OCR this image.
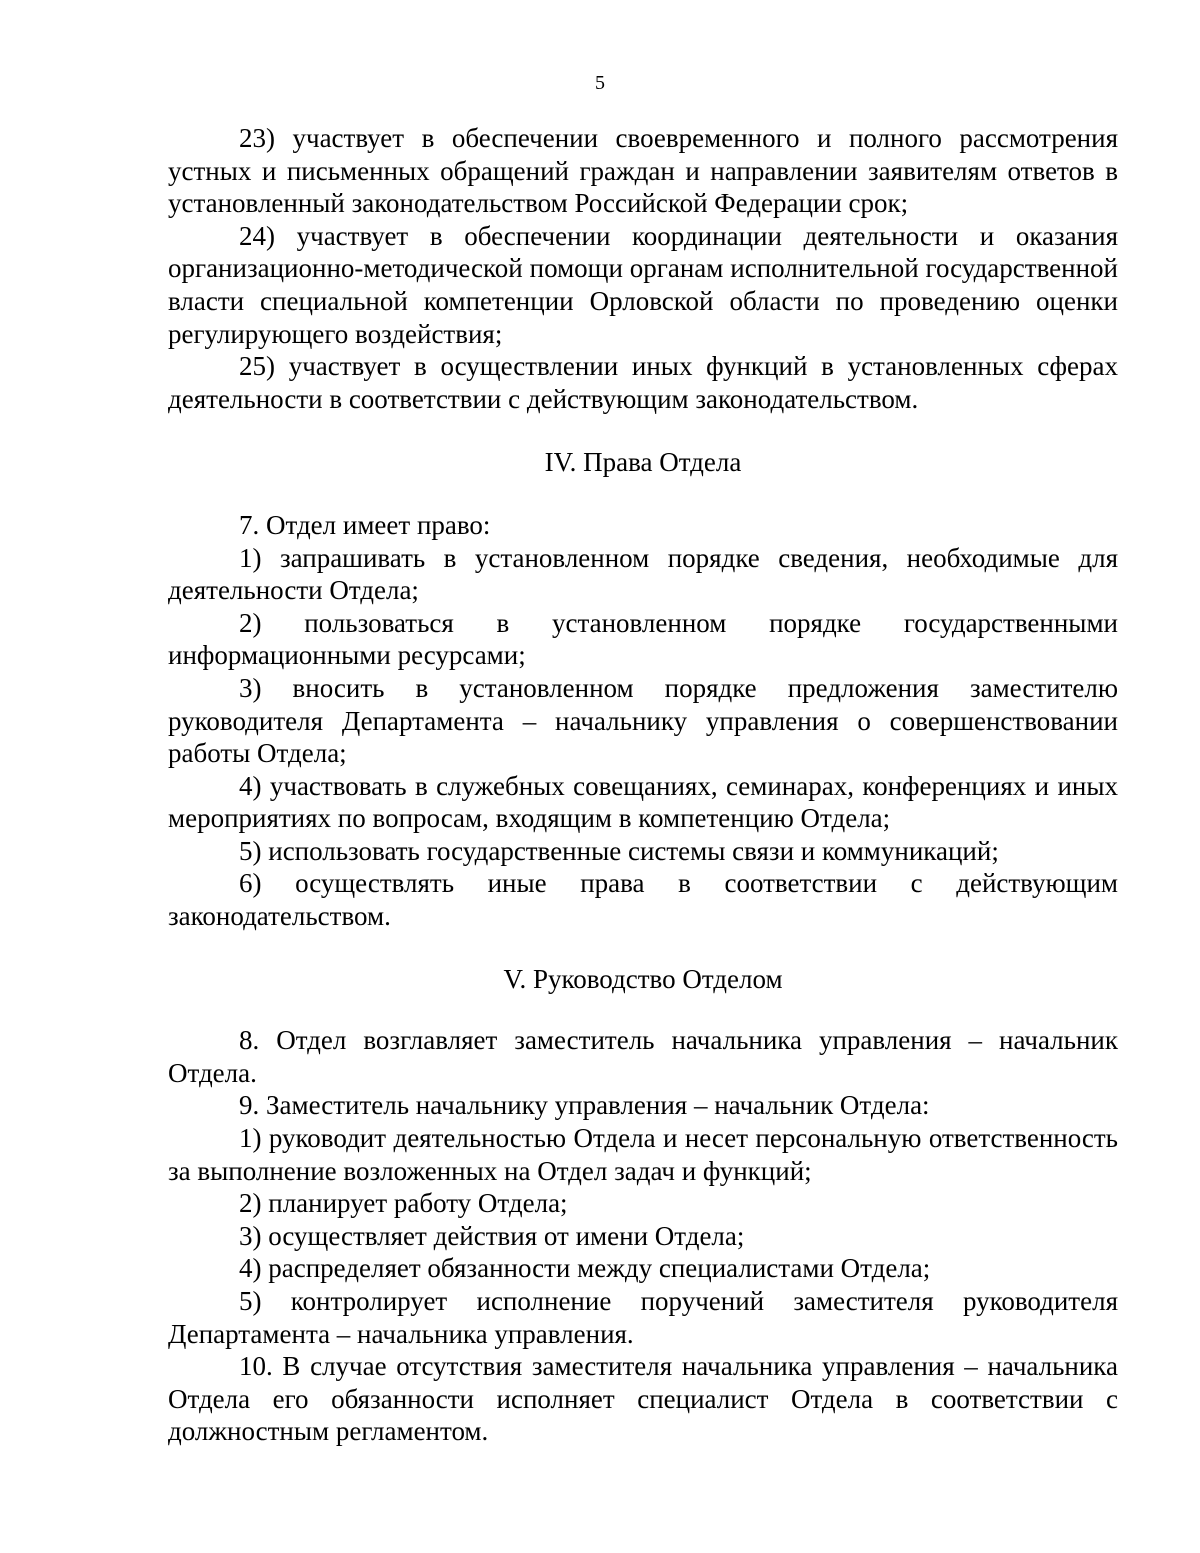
5

23) участвует в обеспечении своевременного и полного рассмотрения устных и письменных обращений граждан и направлении заявителям ответов в установленный законодательством Российской Федерации срок;

24) участвует в обеспечении координации деятельности и оказания организационно-методической помощи органам исполнительной государственной власти специальной компетенции Орловской области по проведению оценки регулирующего воздействия;

25) участвует в осуществлении иных функций в установленных сферах деятельности в соответствии с действующим законодательством.

IV. Права Отдела

7. Отдел имеет право:

1) запрашивать в установленном порядке сведения, необходимые для деятельности Отдела;

2) пользоваться в установленном порядке государственными информационными ресурсами;

3) вносить в установленном порядке предложения заместителю руководителя Департамента – начальнику управления о совершенствовании работы Отдела;

4) участвовать в служебных совещаниях, семинарах, конференциях и иных мероприятиях по вопросам, входящим в компетенцию Отдела;

5) использовать государственные системы связи и коммуникаций;

6) осуществлять иные права в соответствии с действующим законодательством.

V. Руководство Отделом

8. Отдел возглавляет заместитель начальника управления – начальник Отдела.

9. Заместитель начальнику управления – начальник Отдела:

1) руководит деятельностью Отдела и несет персональную ответственность за выполнение возложенных на Отдел задач и функций;

2) планирует работу Отдела;

3) осуществляет действия от имени Отдела;

4) распределяет обязанности между специалистами Отдела;

5) контролирует исполнение поручений заместителя руководителя Департамента – начальника управления.

10. В случае отсутствия заместителя начальника управления – начальника Отдела его обязанности исполняет специалист Отдела в соответствии с должностным регламентом.
